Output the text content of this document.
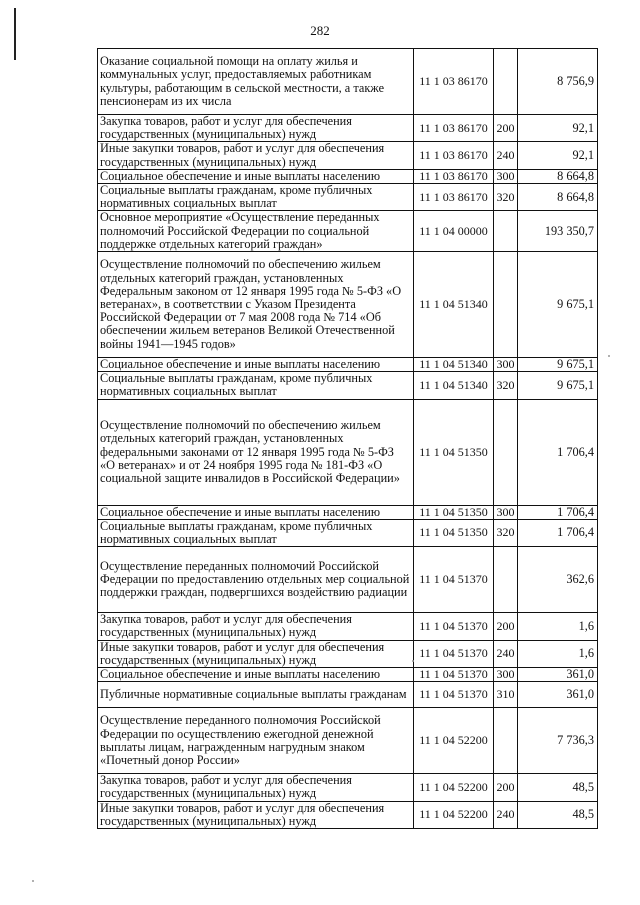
282
Оказание социальной помощи на оплату жилья и коммунальных услуг, предоставляемых работникам культуры, работающим в сельской местности, а также пенсионерам из их числа	11 1 03 86170		8 756,9
Закупка товаров, работ и услуг для обеспечения государственных (муниципальных) нужд	11 1 03 86170	200	92,1
Иные закупки товаров, работ и услуг для обеспечения государственных (муниципальных) нужд	11 1 03 86170	240	92,1
Социальное обеспечение и иные выплаты населению	11 1 03 86170	300	8 664,8
Социальные выплаты гражданам, кроме публичных нормативных социальных выплат	11 1 03 86170	320	8 664,8
Основное мероприятие «Осуществление переданных полномочий Российской Федерации по социальной поддержке отдельных категорий граждан»	11 1 04 00000		193 350,7
Осуществление полномочий по обеспечению жильем отдельных категорий граждан, установленных Федеральным законом от 12 января 1995 года № 5-ФЗ «О ветеранах», в соответствии с Указом Президента Российской Федерации от 7 мая 2008 года № 714 «Об обеспечении жильем ветеранов Великой Отечественной войны 1941—1945 годов»	11 1 04 51340		9 675,1
Социальное обеспечение и иные выплаты населению	11 1 04 51340	300	9 675,1
Социальные выплаты гражданам, кроме публичных нормативных социальных выплат	11 1 04 51340	320	9 675,1
Осуществление полномочий по обеспечению жильем отдельных категорий граждан, установленных федеральными законами от 12 января 1995 года № 5-ФЗ «О ветеранах» и от 24 ноября 1995 года № 181-ФЗ «О социальной защите инвалидов в Российской Федерации»	11 1 04 51350		1 706,4
Социальное обеспечение и иные выплаты населению	11 1 04 51350	300	1 706,4
Социальные выплаты гражданам, кроме публичных нормативных социальных выплат	11 1 04 51350	320	1 706,4
Осуществление переданных полномочий Российской Федерации по предоставлению отдельных мер социальной поддержки граждан, подвергшихся воздействию радиации	11 1 04 51370		362,6
Закупка товаров, работ и услуг для обеспечения государственных (муниципальных) нужд	11 1 04 51370	200	1,6
Иные закупки товаров, работ и услуг для обеспечения государственных (муниципальных) нужд	11 1 04 51370	240	1,6
Социальное обеспечение и иные выплаты населению	11 1 04 51370	300	361,0
Публичные нормативные социальные выплаты гражданам	11 1 04 51370	310	361,0
Осуществление переданного полномочия Российской Федерации по осуществлению ежегодной денежной выплаты лицам, награжденным нагрудным знаком «Почетный донор России»	11 1 04 52200		7 736,3
Закупка товаров, работ и услуг для обеспечения государственных (муниципальных) нужд	11 1 04 52200	200	48,5
Иные закупки товаров, работ и услуг для обеспечения государственных (муниципальных) нужд	11 1 04 52200	240	48,5
